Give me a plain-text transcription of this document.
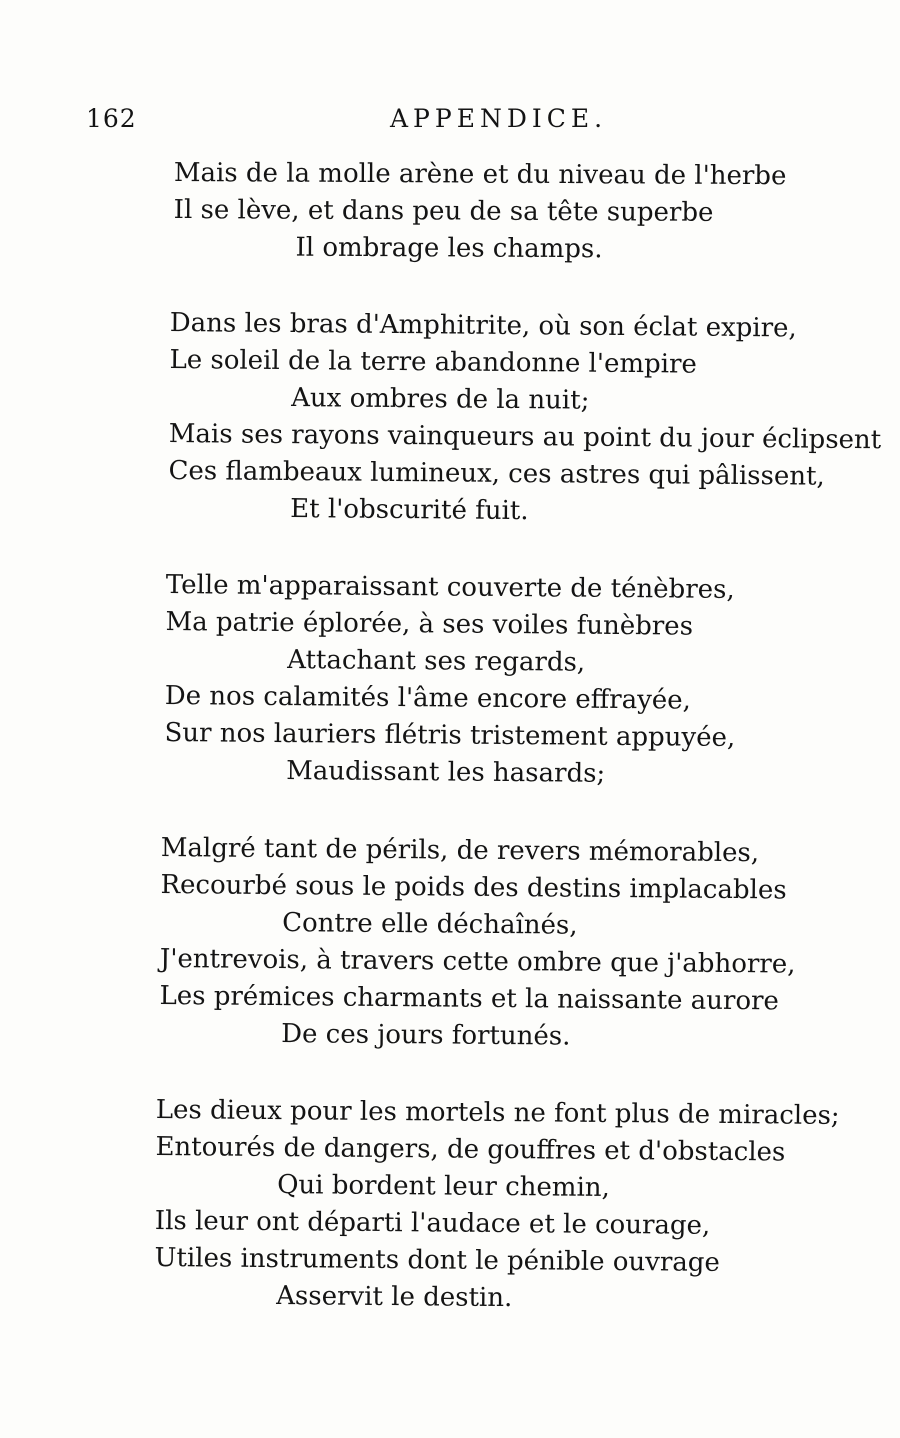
162	APPENDICE.
Mais de la molle arène et du niveau de l'herbe
Il se lève, et dans peu de sa tête superbe
Il ombrage les champs.
Dans les bras d'Amphitrite, où son éclat expire,
Le soleil de la terre abandonne l'empire
Aux ombres de la nuit;
Mais ses rayons vainqueurs au point du jour éclipsent
Ces flambeaux lumineux, ces astres qui pâlissent,
Et l'obscurité fuit.
Telle m'apparaissant couverte de ténèbres,
Ma patrie éplorée, à ses voiles funèbres
Attachant ses regards,
De nos calamités l'âme encore effrayée,
Sur nos lauriers flétris tristement appuyée,
Maudissant les hasards;
Malgré tant de périls, de revers mémorables,
Recourbé sous le poids des destins implacables
Contre elle déchaînés,
J'entrevois, à travers cette ombre que j'abhorre,
Les prémices charmants et la naissante aurore
De ces jours fortunés.
Les dieux pour les mortels ne font plus de miracles;
Entourés de dangers, de gouffres et d'obstacles
Qui bordent leur chemin,
Ils leur ont départi l'audace et le courage,
Utiles instruments dont le pénible ouvrage
Asservit le destin.
